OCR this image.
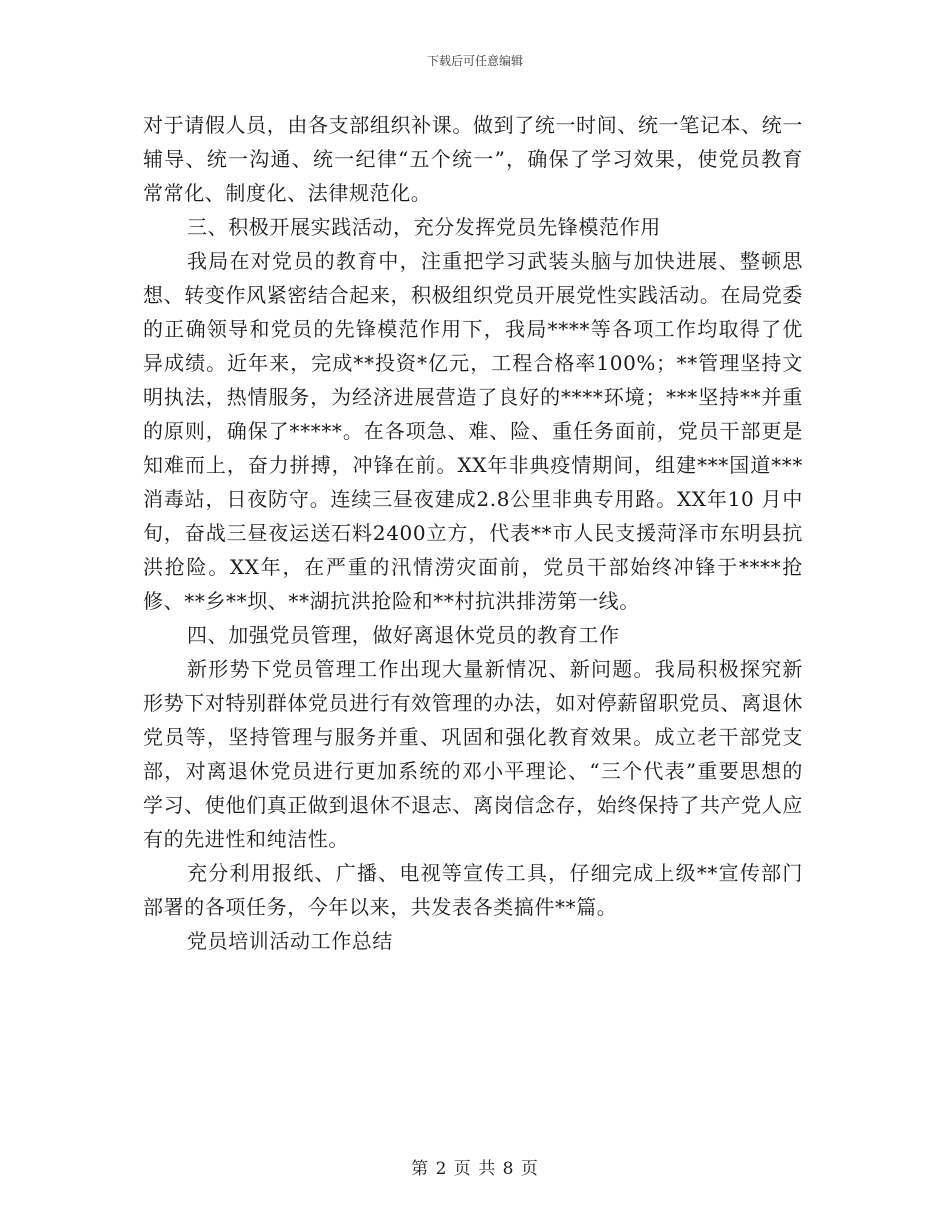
下载后可任意编辑

对于请假人员，由各支部组织补课。做到了统一时间、统一笔记本、统一辅导、统一沟通、统一纪律“五个统一”，确保了学习效果，使党员教育常常化、制度化、法律规范化。

三、积极开展实践活动，充分发挥党员先锋模范作用

我局在对党员的教育中，注重把学习武装头脑与加快进展、整顿思想、转变作风紧密结合起来，积极组织党员开展党性实践活动。在局党委的正确领导和党员的先锋模范作用下，我局****等各项工作均取得了优异成绩。近年来，完成**投资*亿元，工程合格率100%；**管理坚持文明执法，热情服务，为经济进展营造了良好的****环境；***坚持**并重的原则，确保了*****。在各项急、难、险、重任务面前，党员干部更是知难而上，奋力拼搏，冲锋在前。XX年非典疫情期间，组建***国道***消毒站，日夜防守。连续三昼夜建成2.8公里非典专用路。XX年10 月中旬，奋战三昼夜运送石料2400立方，代表**市人民支援菏泽市东明县抗洪抢险。XX年，在严重的汛情涝灾面前，党员干部始终冲锋于****抢修、**乡**坝、**湖抗洪抢险和**村抗洪排涝第一线。

四、加强党员管理，做好离退休党员的教育工作

新形势下党员管理工作出现大量新情况、新问题。我局积极探究新形势下对特别群体党员进行有效管理的办法，如对停薪留职党员、离退休党员等，坚持管理与服务并重、巩固和强化教育效果。成立老干部党支部，对离退休党员进行更加系统的邓小平理论、“三个代表”重要思想的学习、使他们真正做到退休不退志、离岗信念存，始终保持了共产党人应有的先进性和纯洁性。

充分利用报纸、广播、电视等宣传工具，仔细完成上级**宣传部门部署的各项任务，今年以来，共发表各类搞件**篇。

党员培训活动工作总结

第 2 页 共 8 页
